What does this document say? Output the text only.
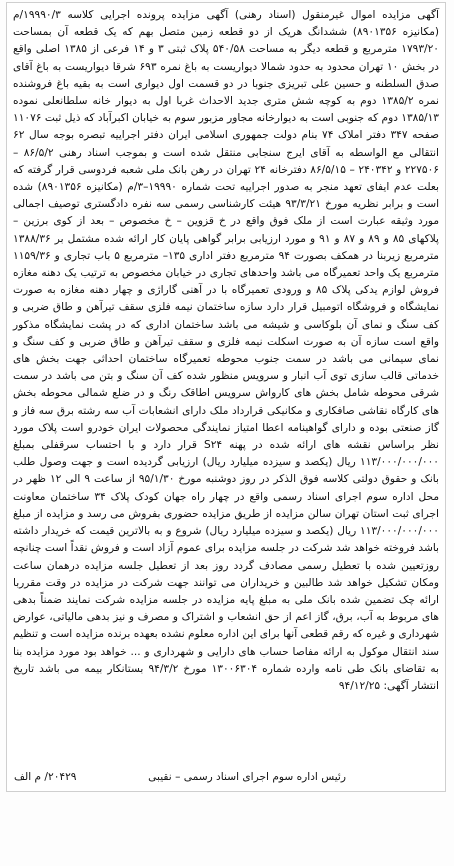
آگهی مزایده اموال غیرمنقول (اسناد رهنی) آگهی مزایده پرونده اجرایی کلاسه ۱۹۹۹۰/۳/م (مکانیزه ۸۹۰۱۳۵۶) ششدانگ هریک از دو قطعه زمین متصل بهم که یک قطعه آن بمساحت ۱۷۹۳/۲۰ مترمربع و قطعه دیگر به مساحت ۵۴۰/۵۸ پلاک ثبتی ۳ و ۱۴ فرعی از ۱۳۸۵ اصلی واقع در بخش ۱۰ تهران محدود به حدود شمالا دیواریست به باغ نمره ۶۹۳ شرقا دیواریست به باغ آقای صدق السلطنه و حسین علی تبریزی جنوبا در دو قسمت اول دیواری است به بقیه باغ فروشنده نمره ۱۳۸۵/۲ دوم به کوچه شش متری جدید الاحداث غربا اول به دیوار خانه سلطانعلی نموده ۱۳۸۵/۱۳ دوم که جنوبی است به دیوارخانه مجاور مزبور سوم به خیابان اکبرآباد که ذیل ثبت ۱۱۰۷۶ صفحه ۳۴۷ دفتر املاک ۷۴ بنام دولت جمهوری اسلامی ایران دفتر اجراییه تبصره بوجه سال ۶۲ انتقالی مع الواسطه به آقای ایرج سنجابی منتقل شده است و بموجب اسناد رهنی ۸۶/۵/۲ – ۲۲۷۵۰۶ و ۲۴۰۳۴۲ – ۸۶/۵/۱۵ دفترخانه ۲۴ تهران در رهن بانک ملی شعبه فردوسی قرار گرفته که بعلت عدم ایفای تعهد منجر به صدور اجراییه تحت شماره ۱۹۹۹۰–۳/م (مکانیزه ۸۹۰۱۳۵۶) شده است و برابر نظریه مورخ ۹۳/۳/۲۱ هیئت کارشناسی رسمی سه نفره دادگستری توصیف اجمالی مورد وثیقه عبارت است از ملک فوق واقع در خ قزوین – خ مخصوص – بعد از کوی برزین – پلاکهای ۸۵ و ۸۹ و ۸۷ و ۹۱ و مورد ارزیابی برابر گواهی پایان کار ارائه شده مشتمل بر ۱۳۸۸/۳۶ مترمربع زیربنا در همکف بصورت ۹۴ مترمربع دفتر اداری ۱۳۵– مترمربع ۵ باب تجاری و ۱۱۵۹/۳۶ مترمربع یک واحد تعمیرگاه می باشد واحدهای تجاری در خیابان مخصوص به ترتیب یک دهنه مغازه فروش لوازم یدکی پلاک ۸۵ و ورودی تعمیرگاه با در آهنی گاراژی و چهار دهنه مغازه به صورت نمایشگاه و فروشگاه اتومبیل قرار دارد سازه ساختمان نیمه فلزی سقف تیرآهن و طاق ضربی و کف سنگ و نمای آن بلوکاسی و شیشه می باشد ساختمان اداری که در پشت نمایشگاه مذکور واقع است سازه آن به صورت اسکلت نیمه فلزی و سقف تیرآهن و طاق ضربی و کف سنگ و نمای سیمانی می باشد در سمت جنوب محوطه تعمیرگاه ساختمان احداثی جهت بخش های خدماتی قالب سازی توی آب انبار و سرویس منظور شده کف آن سنگ و بتن می باشد در سمت شرقی محوطه شامل بخش های کارواش سرویس اطاقک رنگ و در ضلع شمالی محوطه بخش های کارگاه نقاشی صافکاری و مکانیکی قرارداد ملک دارای انشعابات آب سه رشته برق سه فاز و گاز صنعتی بوده و دارای گواهینامه اعطا امتیاز نمایندگی محصولات ایران خودرو است پلاک مورد نظر براساس نقشه های ارائه شده در پهنه S۲۴ قرار دارد و با احتساب سرقفلی بمبلغ ۱۱۳/۰۰۰/۰۰۰/۰۰۰ ریال (یکصد و سیزده میلیارد ریال) ارزیابی گردیده است و جهت وصول طلب بانک و حقوق دولتی کلاسه فوق الذکر در روز دوشنبه مورخ ۹۵/۱/۳۰ از ساعت ۹ الی ۱۲ ظهر در محل اداره سوم اجرای اسناد رسمی واقع در چهار راه جهان کودک پلاک ۳۴ ساختمان معاونت اجرای ثبت استان تهران سالن مزایده از طریق مزایده حضوری بفروش می رسد و مزایده از مبلغ ۱۱۳/۰۰۰/۰۰۰/۰۰۰ ریال (یکصد و سیزده میلیارد ریال) شروع و به بالاترین قیمت که خریدار داشته باشد فروخته خواهد شد شرکت در جلسه مزایده برای عموم آزاد است و فروش نقداً است چنانچه روزتعیین شده با تعطیل رسمی مصادف گردد روز بعد از تعطیل جلسه مزایده درهمان ساعت ومکان تشکیل خواهد شد طالبین و خریداران می توانند جهت شرکت در مزایده در وقت مقرربا ارائه چک تضمین شده بانک ملی به مبلغ پایه مزایده در جلسه مزایده شرکت نمایند ضمناً بدهی های مربوط به آب، برق، گاز اعم از حق انشعاب و اشتراک و مصرف و نیز بدهی مالیاتی، عوارض شهرداری و غیره که رقم قطعی آنها برای این اداره معلوم نشده بعهده برنده مزایده است و تنظیم سند انتقال موکول به ارائه مفاصا حساب های دارایی و شهرداری و ... خواهد بود مورد مزایده بنا به تقاضای بانک طی نامه وارده شماره ۱۳۰۰۶۳۰۴ مورخ ۹۴/۳/۲ بستانکار بیمه می باشد تاریخ انتشار آگهی: ۹۴/۱۲/۲۵

رئیس اداره سوم اجرای اسناد رسمی – نقیبی
۲۰۴۲۹/ م الف
